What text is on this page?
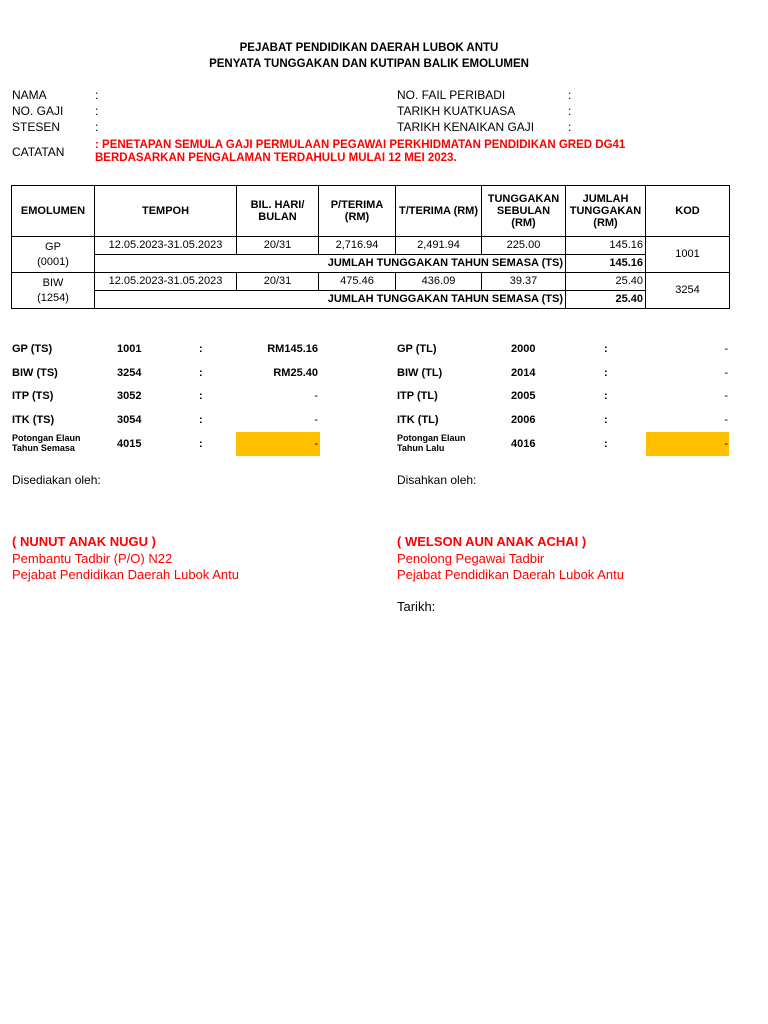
PEJABAT PENDIDIKAN DAERAH LUBOK ANTU
PENYATA TUNGGAKAN DAN KUTIPAN BALIK EMOLUMEN
NAMA	:
NO. GAJI	:
STESEN	:
CATATAN
NO. FAIL PERIBADI	:
TARIKH KUATKUASA	:
TARIKH KENAIKAN GAJI	:
: PENETAPAN SEMULA GAJI PERMULAAN PEGAWAI PERKHIDMATAN PENDIDIKAN GRED DG41
BERDASARKAN PENGALAMAN TERDAHULU MULAI 12 MEI 2023.
EMOLUMEN	TEMPOH	BIL. HARI/ BULAN	P/TERIMA (RM)	T/TERIMA (RM)	TUNGGAKAN SEBULAN (RM)	JUMLAH TUNGGAKAN (RM)	KOD
GP
(0001)	12.05.2023-31.05.2023	20/31	2,716.94	2,491.94	225.00	145.16	1001
	JUMLAH TUNGGAKAN TAHUN SEMASA (TS)					145.16	
BIW
(1254)	12.05.2023-31.05.2023	20/31	475.46	436.09	39.37	25.40	3254
	JUMLAH TUNGGAKAN TAHUN SEMASA (TS)					25.40	
GP (TS)	1001	:	RM145.16
BIW (TS)	3254	:	RM25.40
ITP (TS)	3052	:	-
ITK (TS)	3054	:	-
Potongan Elaun
Tahun Semasa	4015	:	-
GP (TL)	2000	:	-
BIW (TL)	2014	:	-
ITP (TL)	2005	:	-
ITK (TL)	2006	:	-
Potongan Elaun
Tahun Lalu	4016	:	-
Disediakan oleh:	Disahkan oleh:
( NUNUT ANAK NUGU )
Pembantu Tadbir (P/O) N22
Pejabat Pendidikan Daerah Lubok Antu
( WELSON AUN ANAK ACHAI )
Penolong Pegawai Tadbir
Pejabat Pendidikan Daerah Lubok Antu
Tarikh:
